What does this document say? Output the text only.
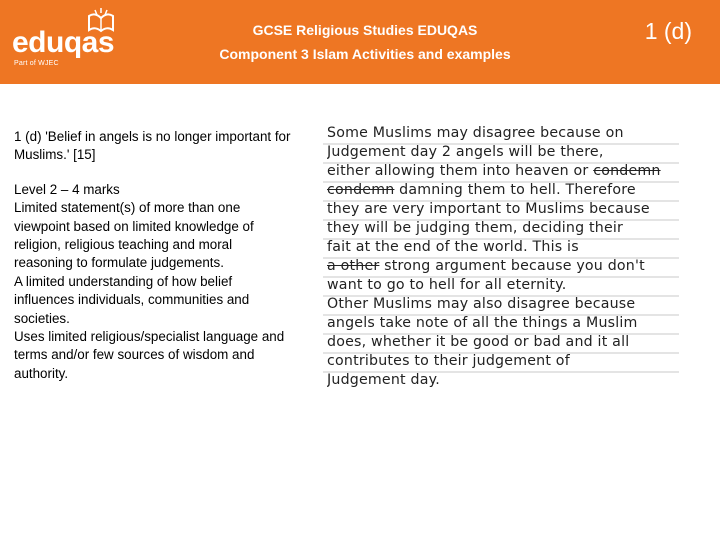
eduqas
Part of WJEC
GCSE Religious Studies EDUQAS
Component 3 Islam Activities and examples
1 (d)

1 (d) 'Belief in angels is no longer important for Muslims.' [15]

Level 2 – 4 marks

Limited statement(s) of more than one viewpoint based on limited knowledge of religion, religious teaching and moral reasoning to formulate judgements.

A limited understanding of how belief influences individuals, communities and societies.

Uses limited religious/specialist language and terms and/or few sources of wisdom and authority.

Some Muslims may disagree because on
Judgement day 2 angels will be there,
either allowing them into heaven or condemn
condemn damning them to hell. Therefore
they are very important to Muslims because
they will be judging them, deciding their
fait at the end of the world. This is
a other strong argument because you don't
want to go to hell for all eternity.
Other Muslims may also disagree because
angels take note of all the things a Muslim
does, whether it be good or bad and it all
contributes to their judgement of
Judgement day.
